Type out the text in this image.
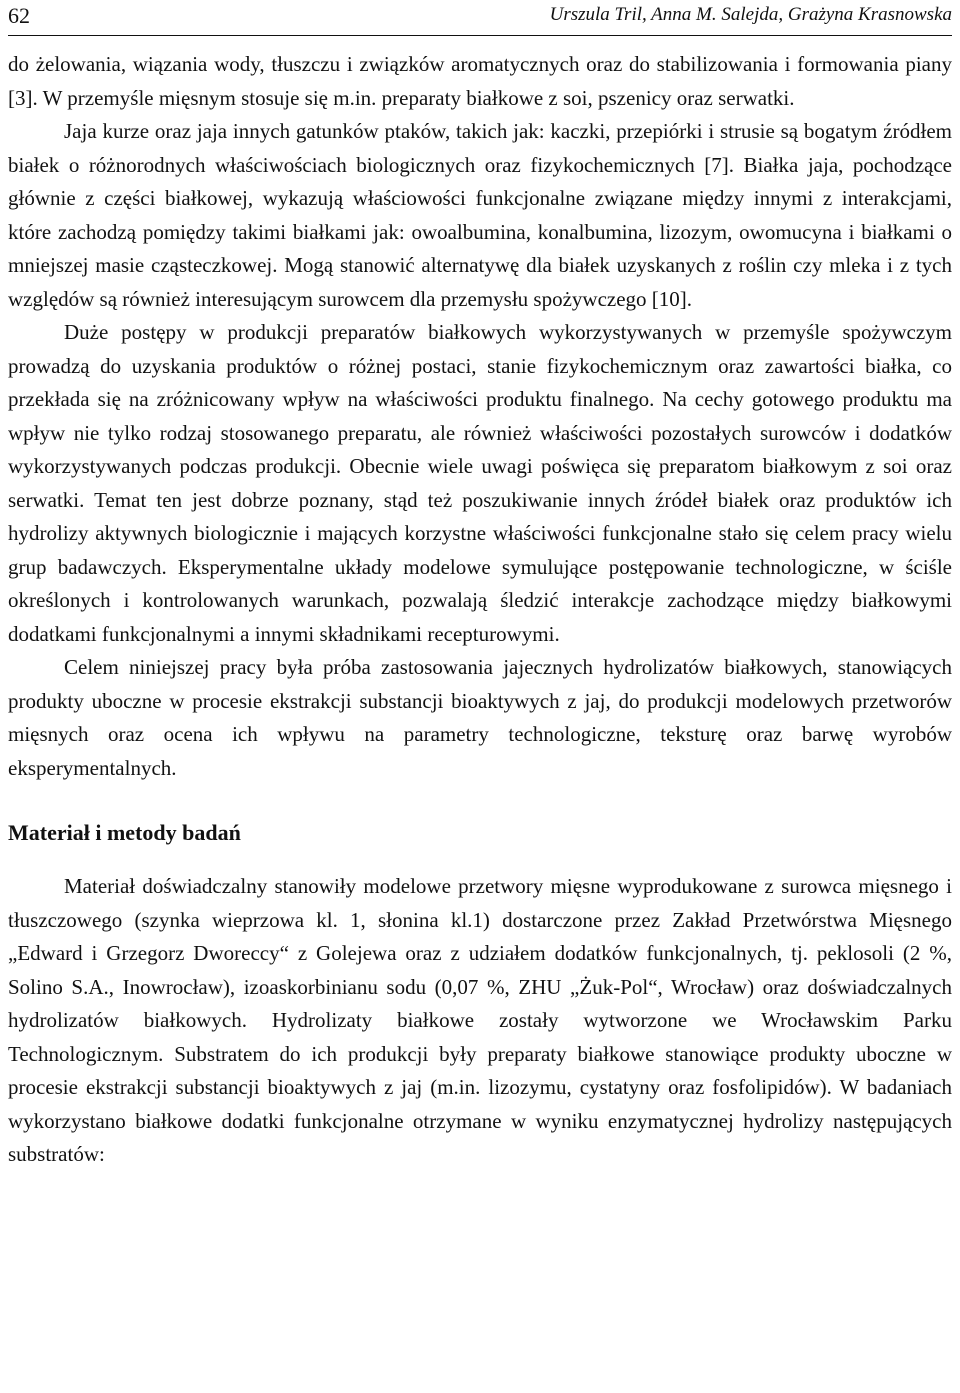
62	Urszula Tril, Anna M. Salejda, Grażyna Krasnowska

do żelowania, wiązania wody, tłuszczu i związków aromatycznych oraz do stabilizowania i formowania piany [3]. W przemyśle mięsnym stosuje się m.in. preparaty białkowe z soi, pszenicy oraz serwatki.

Jaja kurze oraz jaja innych gatunków ptaków, takich jak: kaczki, przepiórki i strusie są bogatym źródłem białek o różnorodnych właściwościach biologicznych oraz fizykochemicznych [7]. Białka jaja, pochodzące głównie z części białkowej, wykazują właściowości funkcjonalne związane między innymi z interakcjami, które zachodzą pomiędzy takimi białkami jak: owoalbumina, konalbumina, lizozym, owomucyna i białkami o mniejszej masie cząsteczkowej. Mogą stanowić alternatywę dla białek uzyskanych z roślin czy mleka i z tych względów są również interesującym surowcem dla przemysłu spożywczego [10].

Duże postępy w produkcji preparatów białkowych wykorzystywanych w przemyśle spożywczym prowadzą do uzyskania produktów o różnej postaci, stanie fizykochemicznym oraz zawartości białka, co przekłada się na zróżnicowany wpływ na właściwości produktu finalnego. Na cechy gotowego produktu ma wpływ nie tylko rodzaj stosowanego preparatu, ale również właściwości pozostałych surowców i dodatków wykorzystywanych podczas produkcji. Obecnie wiele uwagi poświęca się preparatom białkowym z soi oraz serwatki. Temat ten jest dobrze poznany, stąd też poszukiwanie innych źródeł białek oraz produktów ich hydrolizy aktywnych biologicznie i mających korzystne właściwości funkcjonalne stało się celem pracy wielu grup badawczych. Eksperymentalne układy modelowe symulujące postępowanie technologiczne, w ściśle określonych i kontrolowanych warunkach, pozwalają śledzić interakcje zachodzące między białkowymi dodatkami funkcjonalnymi a innymi składnikami recepturowymi.

Celem niniejszej pracy była próba zastosowania jajecznych hydrolizatów białkowych, stanowiących produkty uboczne w procesie ekstrakcji substancji bioaktywych z jaj, do produkcji modelowych przetworów mięsnych oraz ocena ich wpływu na parametry technologiczne, teksturę oraz barwę wyrobów eksperymentalnych.

Materiał i metody badań

Materiał doświadczalny stanowiły modelowe przetwory mięsne wyprodukowane z surowca mięsnego i tłuszczowego (szynka wieprzowa kl. 1, słonina kl.1) dostarczone przez Zakład Przetwórstwa Mięsnego „Edward i Grzegorz Dworeccy“ z Golejewa oraz z udziałem dodatków funkcjonalnych, tj. peklosoli (2 %, Solino S.A., Inowrocław), izoaskorbinianu sodu (0,07 %, ZHU „Żuk-Pol“, Wrocław) oraz doświadczalnych hydrolizatów białkowych. Hydrolizaty białkowe zostały wytworzone we Wrocławskim Parku Technologicznym. Substratem do ich produkcji były preparaty białkowe stanowiące produkty uboczne w procesie ekstrakcji substancji bioaktywych z jaj (m.in. lizozymu, cystatyny oraz fosfolipidów). W badaniach wykorzystano białkowe dodatki funkcjonalne otrzymane w wyniku enzymatycznej hydrolizy następujących substratów:
